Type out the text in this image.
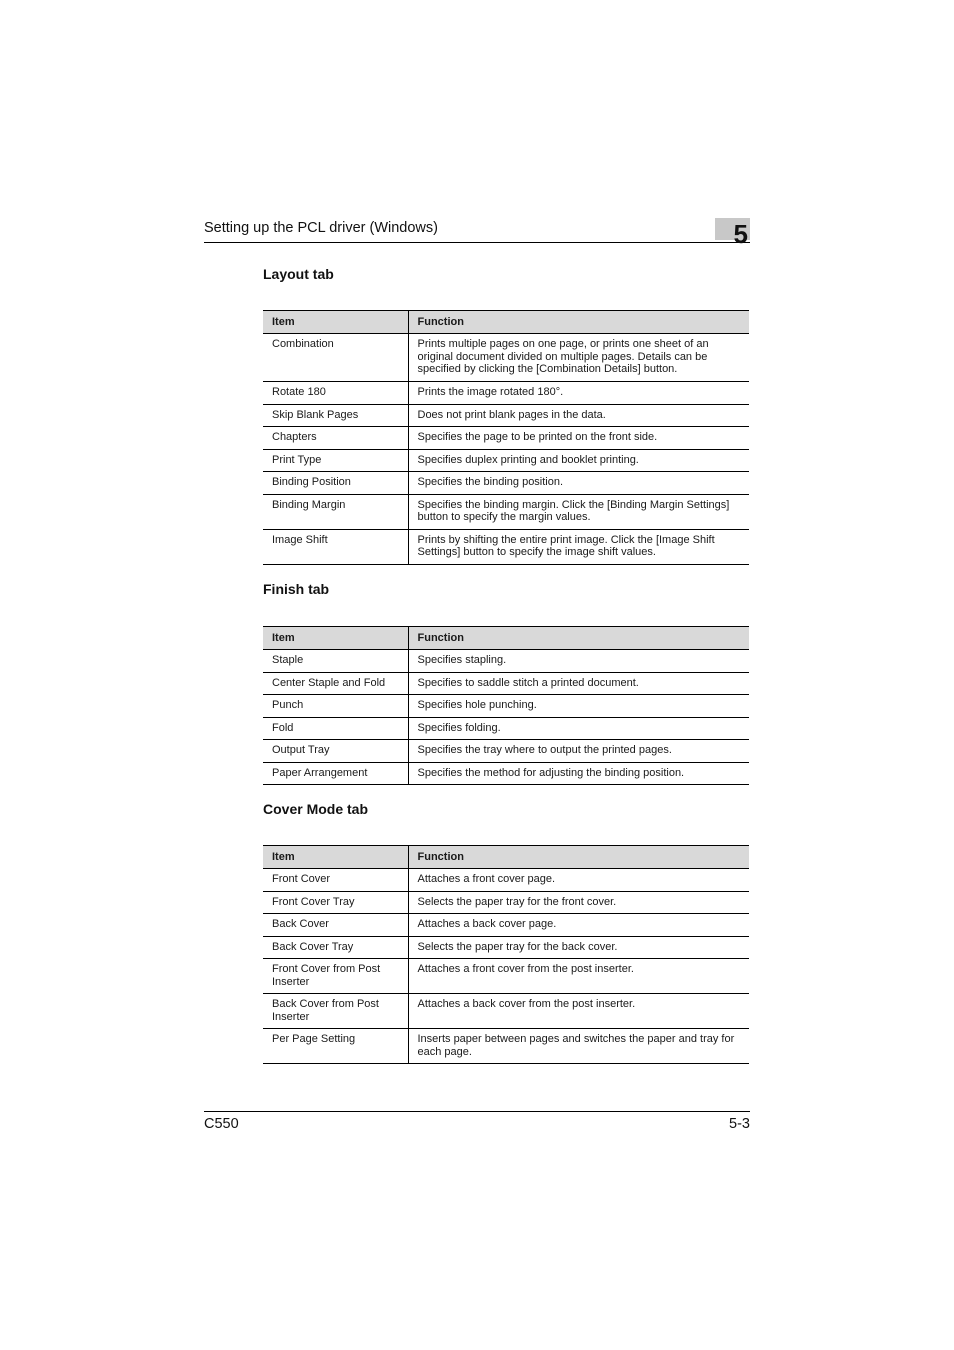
Setting up the PCL driver (Windows)	5
Layout tab
Item	Function
Combination	Prints multiple pages on one page, or prints one sheet of an original document divided on multiple pages. Details can be specified by clicking the [Combination Details] button.
Rotate 180	Prints the image rotated 180°.
Skip Blank Pages	Does not print blank pages in the data.
Chapters	Specifies the page to be printed on the front side.
Print Type	Specifies duplex printing and booklet printing.
Binding Position	Specifies the binding position.
Binding Margin	Specifies the binding margin. Click the [Binding Margin Settings] button to specify the margin values.
Image Shift	Prints by shifting the entire print image. Click the [Image Shift Settings] button to specify the image shift values.
Finish tab
Item	Function
Staple	Specifies stapling.
Center Staple and Fold	Specifies to saddle stitch a printed document.
Punch	Specifies hole punching.
Fold	Specifies folding.
Output Tray	Specifies the tray where to output the printed pages.
Paper Arrangement	Specifies the method for adjusting the binding position.
Cover Mode tab
Item	Function
Front Cover	Attaches a front cover page.
Front Cover Tray	Selects the paper tray for the front cover.
Back Cover	Attaches a back cover page.
Back Cover Tray	Selects the paper tray for the back cover.
Front Cover from Post Inserter	Attaches a front cover from the post inserter.
Back Cover from Post Inserter	Attaches a back cover from the post inserter.
Per Page Setting	Inserts paper between pages and switches the paper and tray for each page.
C550	5-3
